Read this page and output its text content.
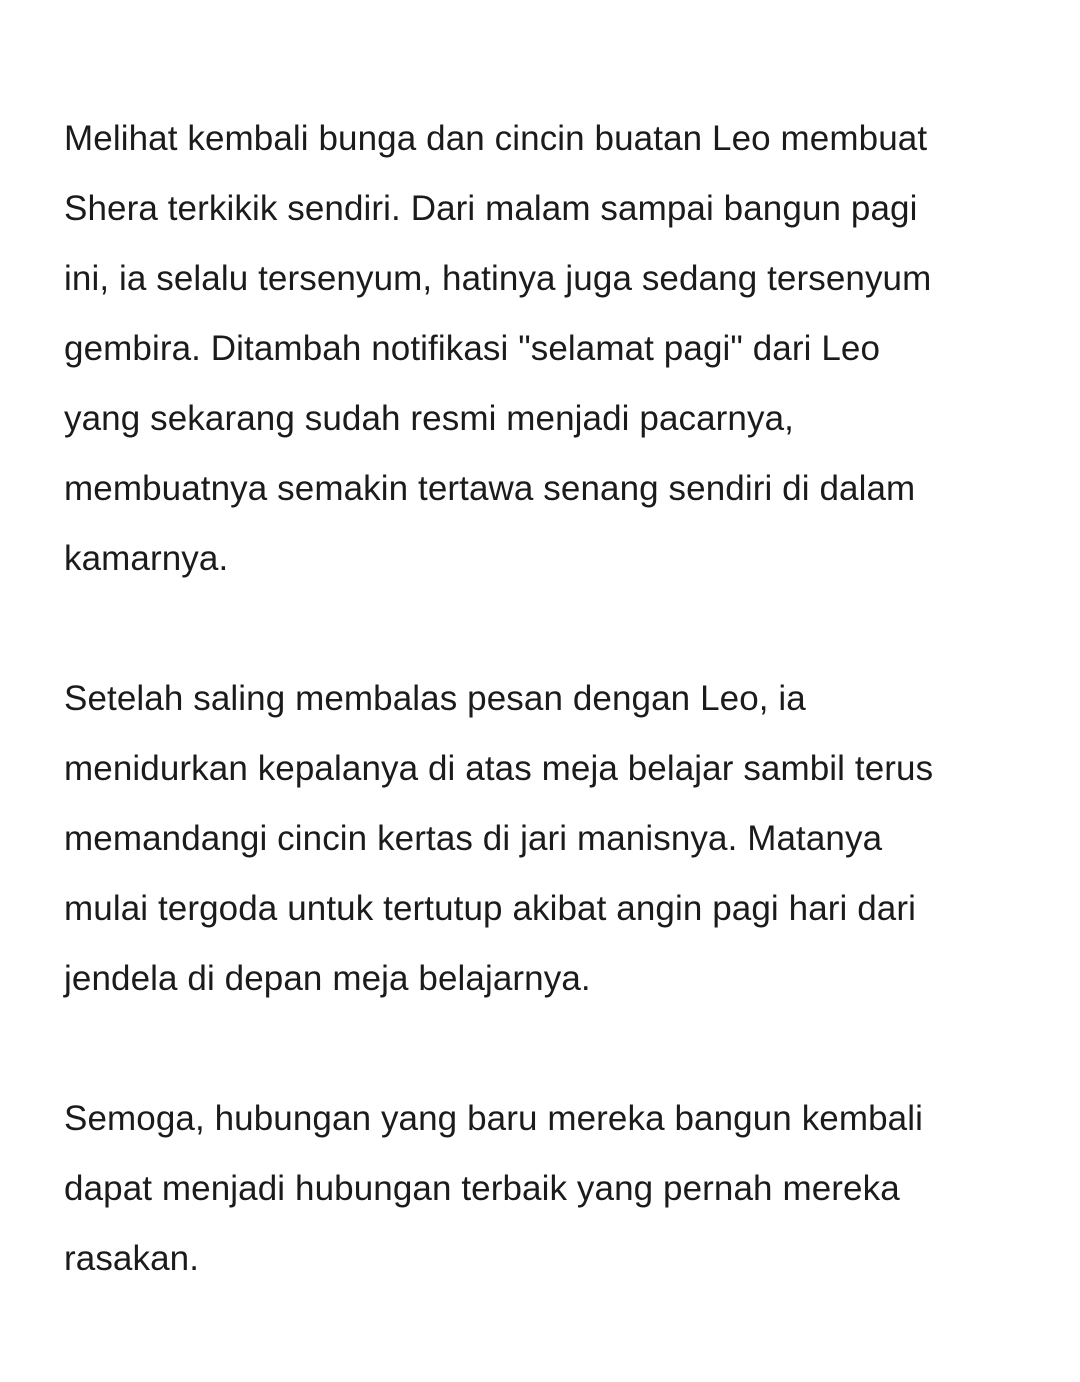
Melihat kembali bunga dan cincin buatan Leo membuat
Shera terkikik sendiri. Dari malam sampai bangun pagi
ini, ia selalu tersenyum, hatinya juga sedang tersenyum
gembira. Ditambah notifikasi "selamat pagi" dari Leo
yang sekarang sudah resmi menjadi pacarnya,
membuatnya semakin tertawa senang sendiri di dalam
kamarnya.

Setelah saling membalas pesan dengan Leo, ia
menidurkan kepalanya di atas meja belajar sambil terus
memandangi cincin kertas di jari manisnya. Matanya
mulai tergoda untuk tertutup akibat angin pagi hari dari
jendela di depan meja belajarnya.

Semoga, hubungan yang baru mereka bangun kembali
dapat menjadi hubungan terbaik yang pernah mereka
rasakan.
